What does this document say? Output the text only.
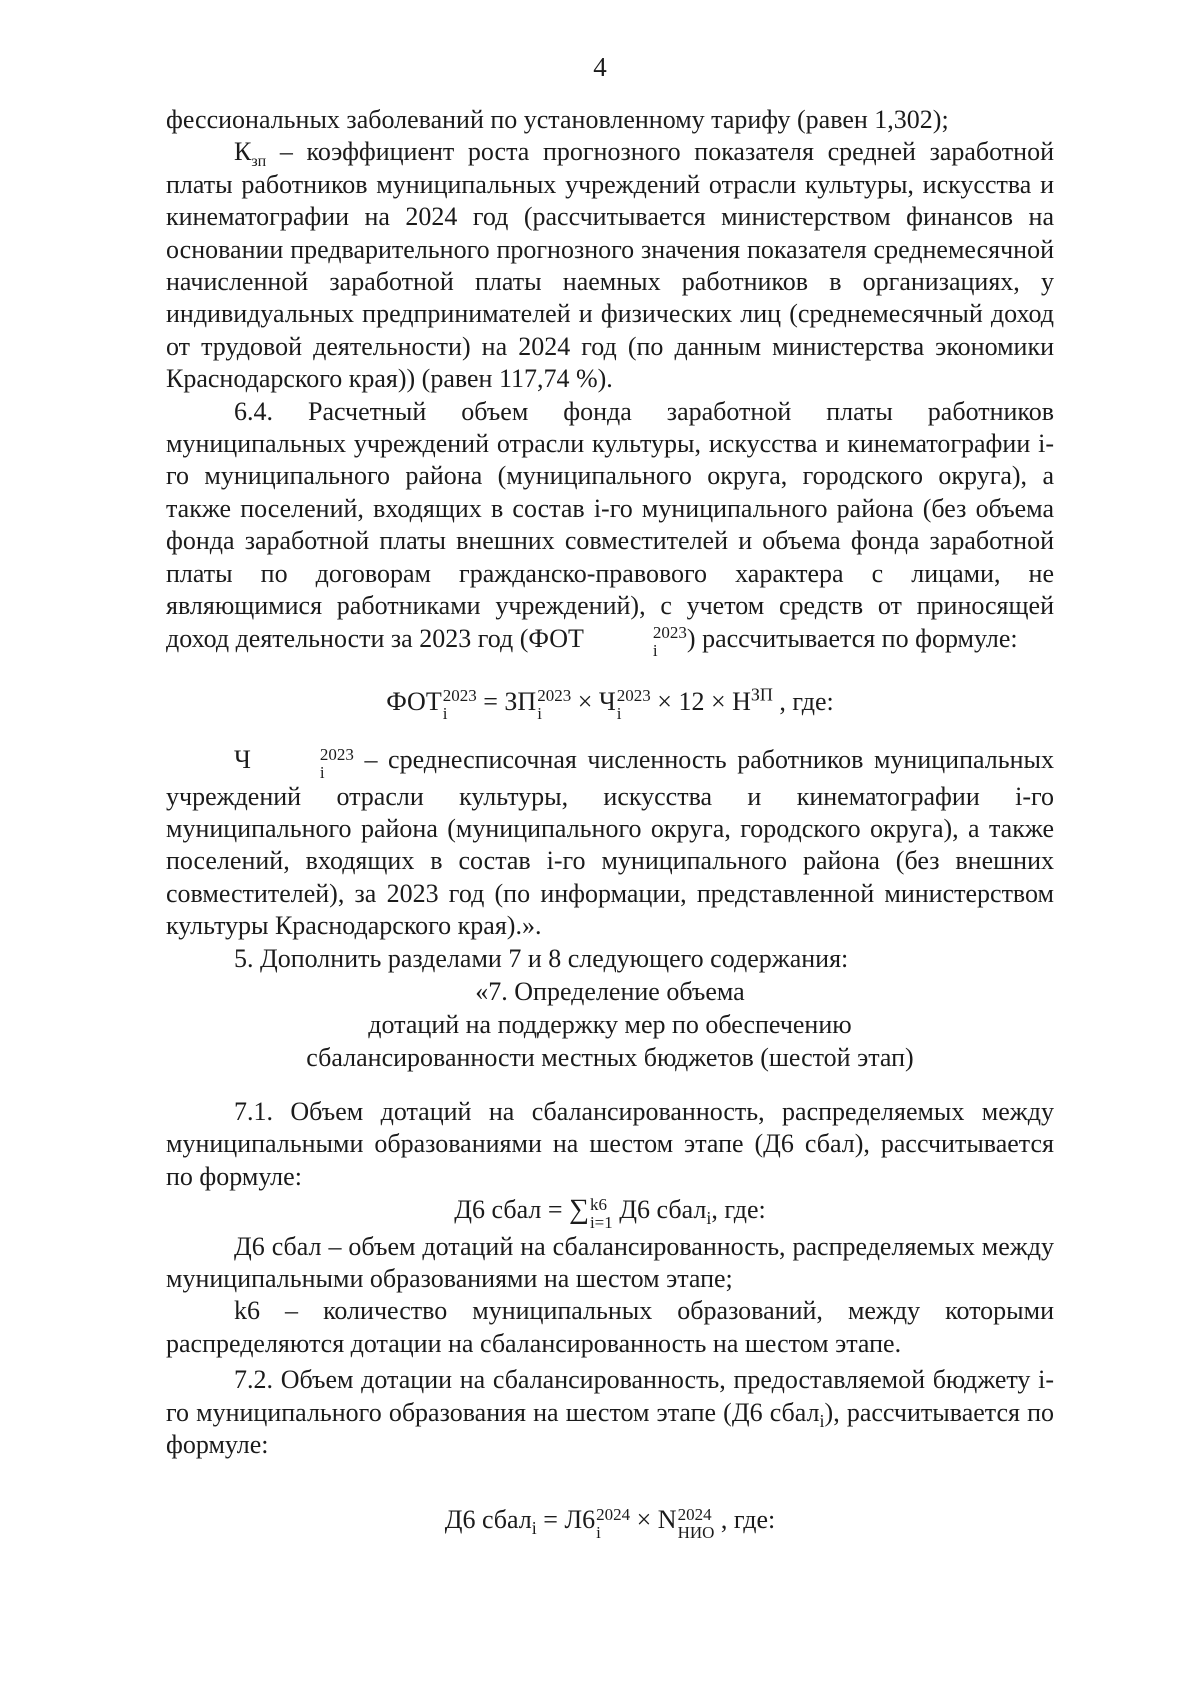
4

фессиональных заболеваний по установленному тарифу (равен 1,302);

$К_{зп}$ – коэффициент роста прогнозного показателя средней заработной платы работников муниципальных учреждений отрасли культуры, искусства и кинематографии на 2024 год (рассчитывается министерством финансов на основании предварительного прогнозного значения показателя среднемесячной начисленной заработной платы наемных работников в организациях, у индивидуальных предпринимателей и физических лиц (среднемесячный доход от трудовой деятельности) на 2024 год (по данным министерства экономики Краснодарского края)) (равен 117,74 %).

6.4. Расчетный объем фонда заработной платы работников муниципальных учреждений отрасли культуры, искусства и кинематографии i-го муниципального района (муниципального округа, городского округа), а также поселений, входящих в состав i-го муниципального района (без объема фонда заработной платы внешних совместителей и объема фонда заработной платы по договорам гражданско-правового характера с лицами, не являющимися работниками учреждений), с учетом средств от приносящей доход деятельности за 2023 год (ФОТ	2023
i	) рассчитывается по формуле:

ФОТ 2023
i	= ЗП 2023
i	× Ч 2023
i	× $12 \times Н^{ЗП}$ , где:

Ч	2023
i	– среднесписочная численность работников муниципальных учреждений отрасли культуры, искусства и кинематографии i-го муниципального района (муниципального округа, городского округа), а также поселений, входящих в состав i-го муниципального района (без внешних совместителей), за 2023 год (по информации, представленной министерством культуры Краснодарского края).».

5. Дополнить разделами 7 и 8 следующего содержания:

«7. Определение объема

дотаций на поддержку мер по обеспечению

сбалансированности местных бюджетов (шестой этап)

7.1. Объем дотаций на сбалансированность, распределяемых между муниципальными образованиями на шестом этапе (Д6 сбал), рассчитывается по формуле:

Д6 сбал = ∑ k6
i=1 Д6 сбал$_i$, где:

Д6 сбал – объем дотаций на сбалансированность, распределяемых между муниципальными образованиями на шестом этапе;

k6 – количество муниципальных образований, между которыми распределяются дотации на сбалансированность на шестом этапе.

7.2. Объем дотации на сбалансированность, предоставляемой бюджету i-го муниципального образования на шестом этапе (Д6 сбал$_i$), рассчитывается по формуле:

Д6 сбал$_i$ = Л6 2024
i	× N 2024
НИО , где:
